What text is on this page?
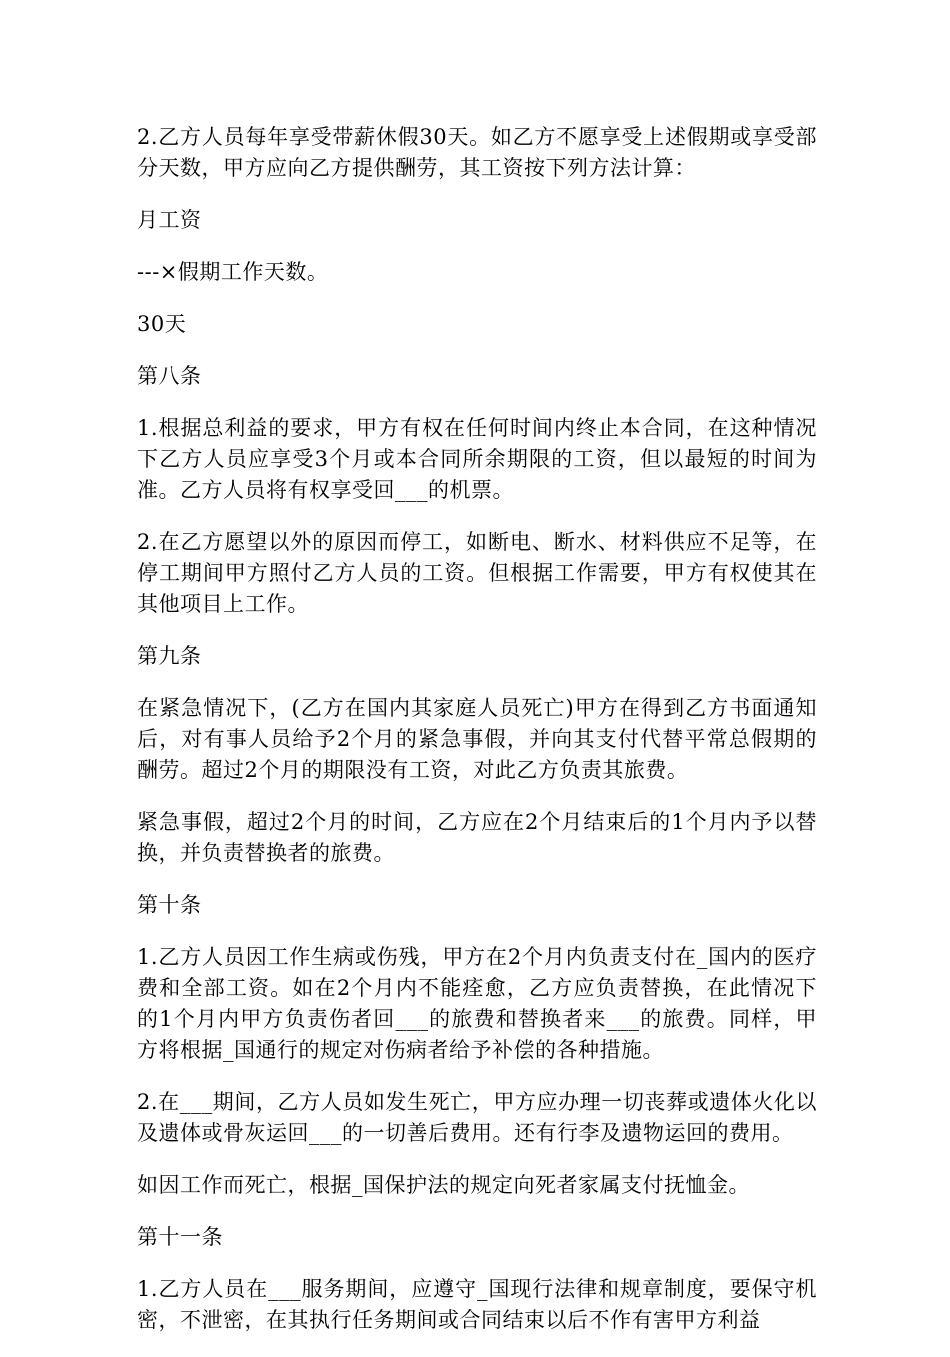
2.乙方人员每年享受带薪休假30天。如乙方不愿享受上述假期或享受部分天数，甲方应向乙方提供酬劳，其工资按下列方法计算：

月工资

---×假期工作天数。

30天

第八条

1.根据总利益的要求，甲方有权在任何时间内终止本合同，在这种情况下乙方人员应享受3个月或本合同所余期限的工资，但以最短的时间为准。乙方人员将有权享受回___的机票。

2.在乙方愿望以外的原因而停工，如断电、断水、材料供应不足等，在停工期间甲方照付乙方人员的工资。但根据工作需要，甲方有权使其在其他项目上工作。

第九条

在紧急情况下，(乙方在国内其家庭人员死亡)甲方在得到乙方书面通知后，对有事人员给予2个月的紧急事假，并向其支付代替平常总假期的酬劳。超过2个月的期限没有工资，对此乙方负责其旅费。

紧急事假，超过2个月的时间，乙方应在2个月结束后的1个月内予以替换，并负责替换者的旅费。

第十条

1.乙方人员因工作生病或伤残，甲方在2个月内负责支付在_国内的医疗费和全部工资。如在2个月内不能痊愈，乙方应负责替换，在此情况下的1个月内甲方负责伤者回___的旅费和替换者来___的旅费。同样，甲方将根据_国通行的规定对伤病者给予补偿的各种措施。

2.在___期间，乙方人员如发生死亡，甲方应办理一切丧葬或遗体火化以及遗体或骨灰运回___的一切善后费用。还有行李及遗物运回的费用。

如因工作而死亡，根据_国保护法的规定向死者家属支付抚恤金。

第十一条

1.乙方人员在___服务期间，应遵守_国现行法律和规章制度，要保守机密，不泄密，在其执行任务期间或合同结束以后不作有害甲方利益
